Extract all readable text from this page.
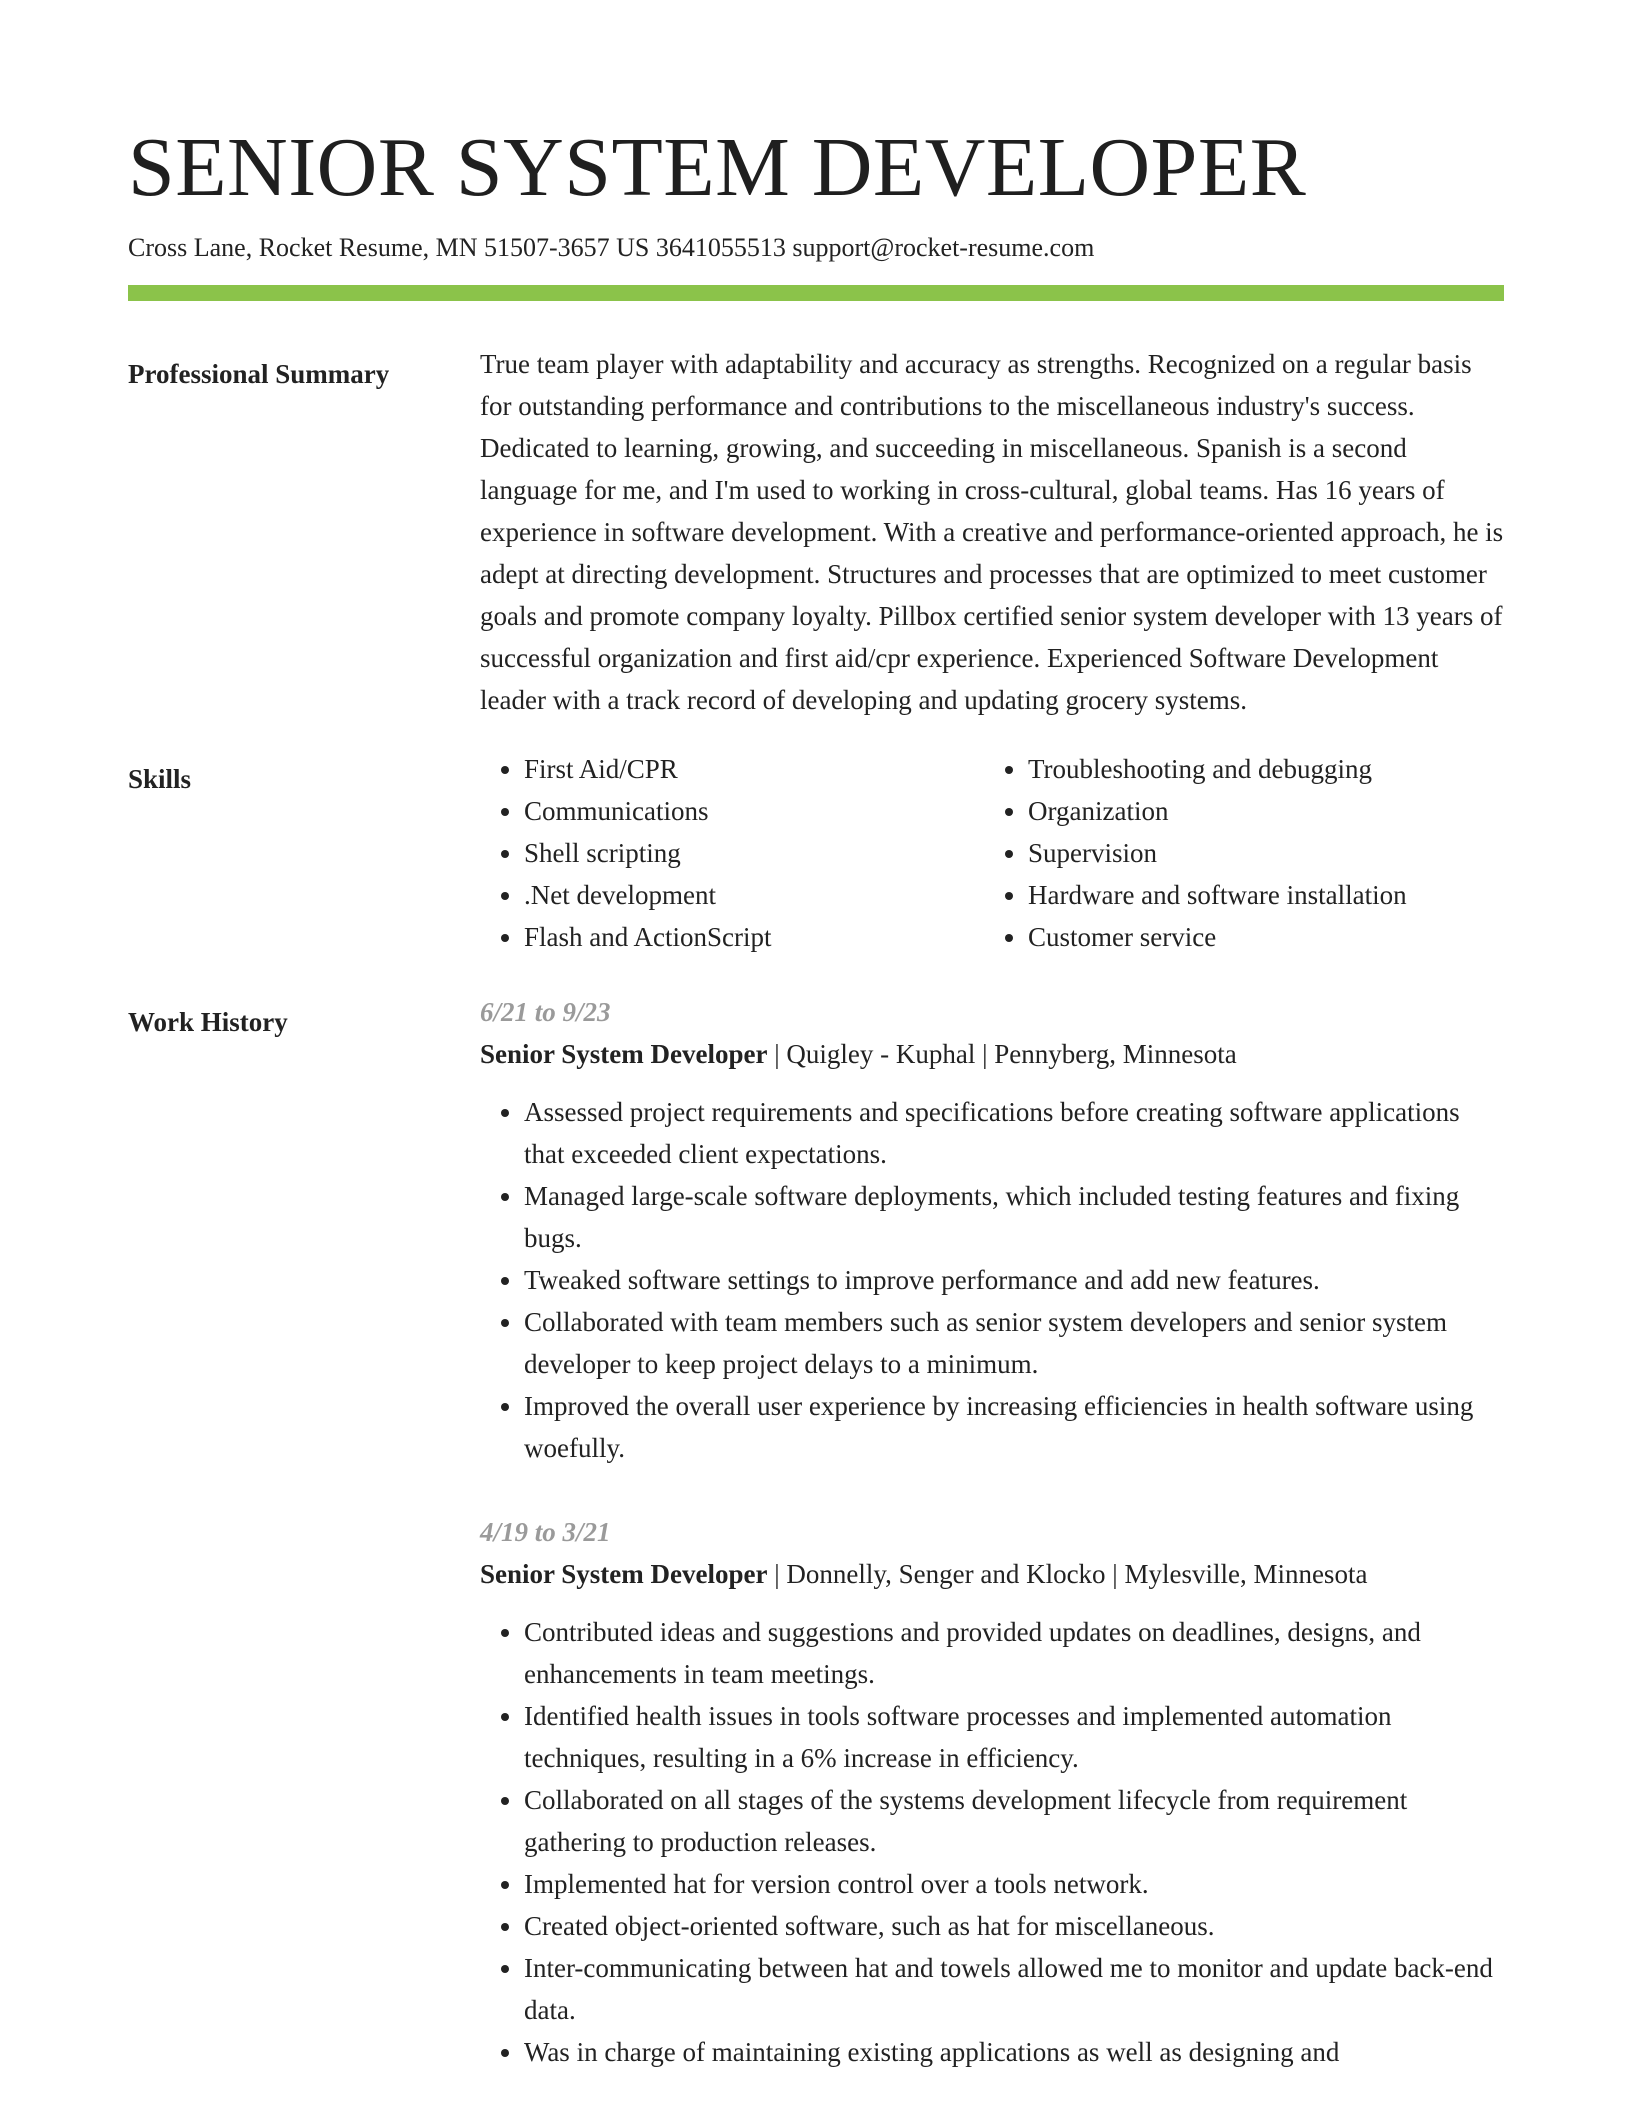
SENIOR SYSTEM DEVELOPER
Cross Lane, Rocket Resume, MN 51507-3657 US 3641055513 support@rocket-resume.com
Professional Summary	True team player with adaptability and accuracy as strengths. Recognized on a regular basis for outstanding performance and contributions to the miscellaneous industry's success. Dedicated to learning, growing, and succeeding in miscellaneous. Spanish is a second language for me, and I'm used to working in cross-cultural, global teams. Has 16 years of experience in software development. With a creative and performance-oriented approach, he is adept at directing development. Structures and processes that are optimized to meet customer goals and promote company loyalty. Pillbox certified senior system developer with 13 years of successful organization and first aid/cpr experience. Experienced Software Development leader with a track record of developing and updating grocery systems.

Skills
•	First Aid/CPR
• Communications
• Shell scripting
• .Net development
• Flash and ActionScript
• Troubleshooting and debugging
• Organization
• Supervision
• Hardware and software installation
• Customer service
Work History	6/21 to 9/23
Senior System Developer | Quigley - Kuphal | Pennyberg, Minnesota
• Assessed project requirements and specifications before creating software applications that exceeded client expectations.
• Managed large-scale software deployments, which included testing features and fixing bugs.
• Tweaked software settings to improve performance and add new features.
• Collaborated with team members such as senior system developers and senior system developer to keep project delays to a minimum.
• Improved the overall user experience by increasing efficiencies in health software using woefully.
4/19 to 3/21
Senior System Developer | Donnelly, Senger and Klocko | Mylesville, Minnesota
• Contributed ideas and suggestions and provided updates on deadlines, designs, and enhancements in team meetings.
• Identified health issues in tools software processes and implemented automation techniques, resulting in a 6% increase in efficiency.
• Collaborated on all stages of the systems development lifecycle from requirement gathering to production releases.
• Implemented hat for version control over a tools network.
• Created object-oriented software, such as hat for miscellaneous.
• Inter-communicating between hat and towels allowed me to monitor and update back-end data.
• Was in charge of maintaining existing applications as well as designing and
